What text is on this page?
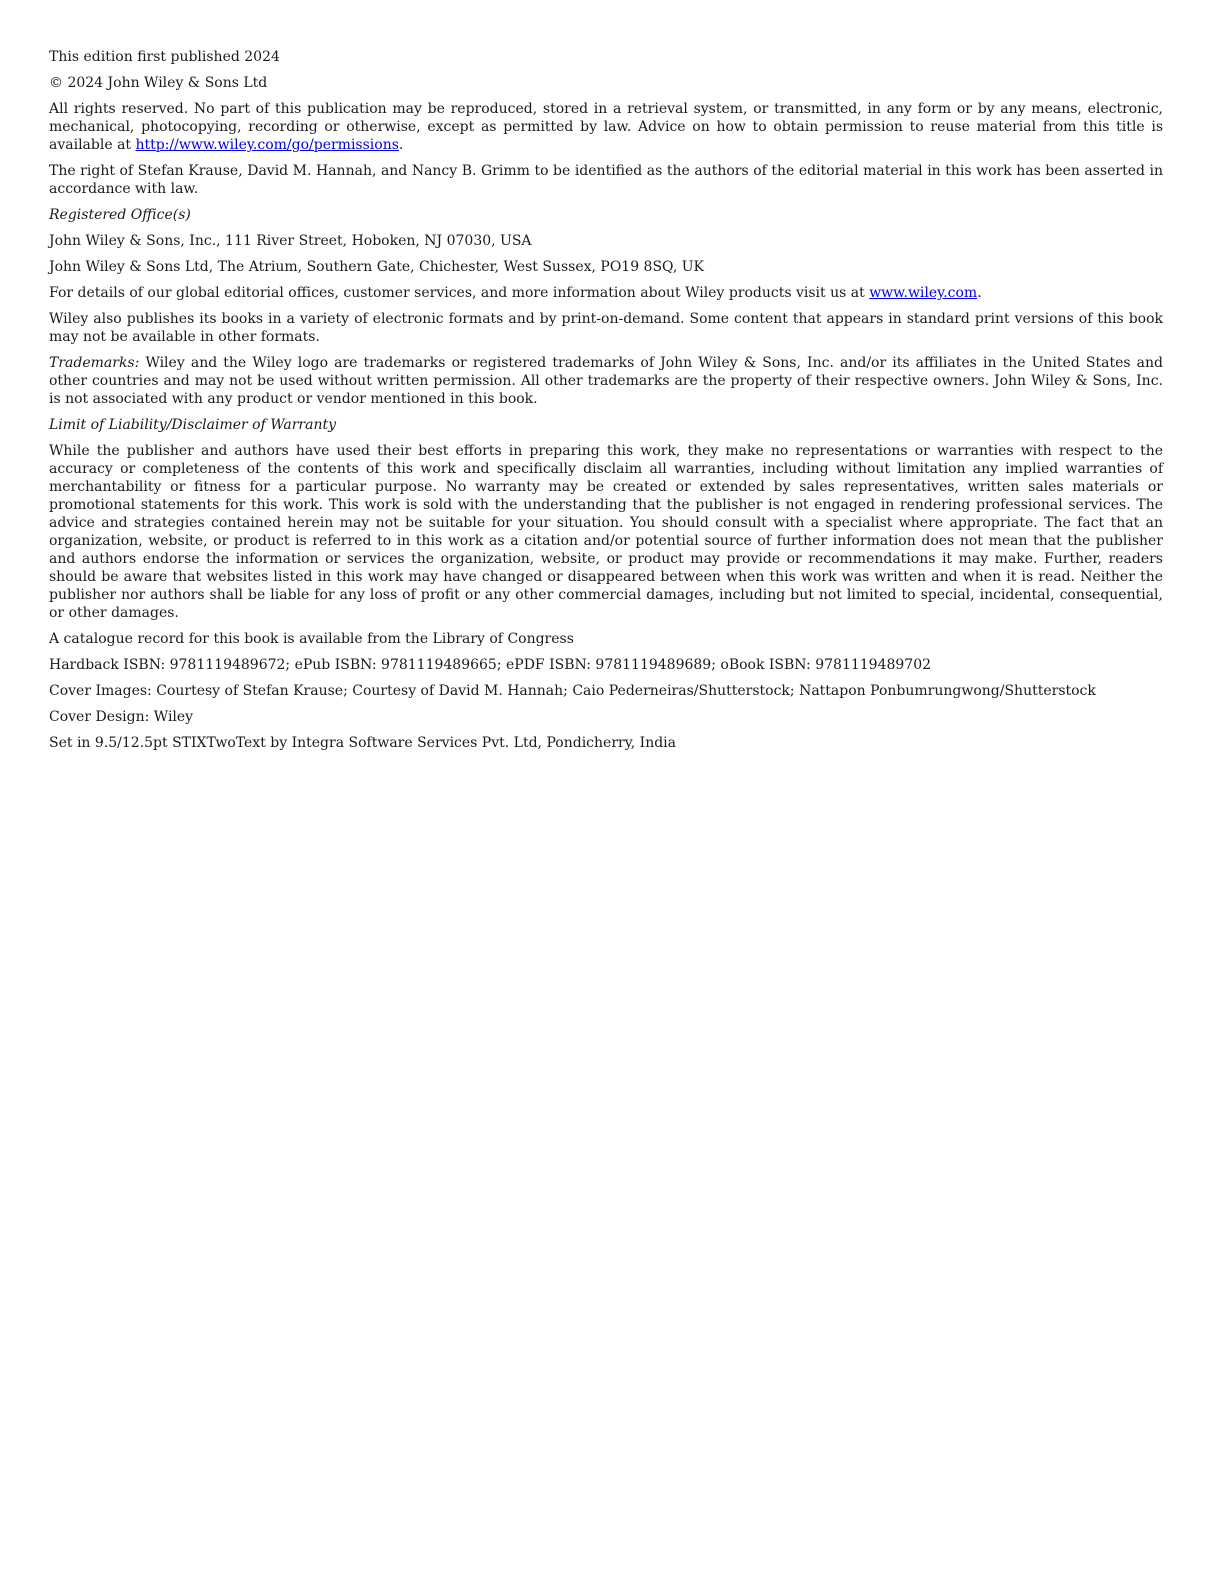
This edition first published 2024

© 2024 John Wiley & Sons Ltd

All rights reserved. No part of this publication may be reproduced, stored in a retrieval system, or transmitted, in any form or by any means, electronic, mechanical, photocopying, recording or otherwise, except as permitted by law. Advice on how to obtain permission to reuse material from this title is available at http://www.wiley.com/go/permissions.

The right of Stefan Krause, David M. Hannah, and Nancy B. Grimm to be identified as the authors of the editorial material in this work has been asserted in accordance with law.

Registered Office(s)

John Wiley & Sons, Inc., 111 River Street, Hoboken, NJ 07030, USA

John Wiley & Sons Ltd, The Atrium, Southern Gate, Chichester, West Sussex, PO19 8SQ, UK

For details of our global editorial offices, customer services, and more information about Wiley products visit us at www.wiley.com.

Wiley also publishes its books in a variety of electronic formats and by print-on-demand. Some content that appears in standard print versions of this book may not be available in other formats.

Trademarks: Wiley and the Wiley logo are trademarks or registered trademarks of John Wiley & Sons, Inc. and/or its affiliates in the United States and other countries and may not be used without written permission. All other trademarks are the property of their respective owners. John Wiley & Sons, Inc. is not associated with any product or vendor mentioned in this book.

Limit of Liability/Disclaimer of Warranty

While the publisher and authors have used their best efforts in preparing this work, they make no representations or warranties with respect to the accuracy or completeness of the contents of this work and specifically disclaim all warranties, including without limitation any implied warranties of merchantability or fitness for a particular purpose. No warranty may be created or extended by sales representatives, written sales materials or promotional statements for this work. This work is sold with the understanding that the publisher is not engaged in rendering professional services. The advice and strategies contained herein may not be suitable for your situation. You should consult with a specialist where appropriate. The fact that an organization, website, or product is referred to in this work as a citation and/or potential source of further information does not mean that the publisher and authors endorse the information or services the organization, website, or product may provide or recommendations it may make. Further, readers should be aware that websites listed in this work may have changed or disappeared between when this work was written and when it is read. Neither the publisher nor authors shall be liable for any loss of profit or any other commercial damages, including but not limited to special, incidental, consequential, or other damages.

A catalogue record for this book is available from the Library of Congress

Hardback ISBN: 9781119489672; ePub ISBN: 9781119489665; ePDF ISBN: 9781119489689; oBook ISBN: 9781119489702

Cover Images: Courtesy of Stefan Krause; Courtesy of David M. Hannah; Caio Pederneiras/Shutterstock; Nattapon Ponbumrungwong/Shutterstock

Cover Design: Wiley

Set in 9.5/12.5pt STIXTwoText by Integra Software Services Pvt. Ltd, Pondicherry, India
